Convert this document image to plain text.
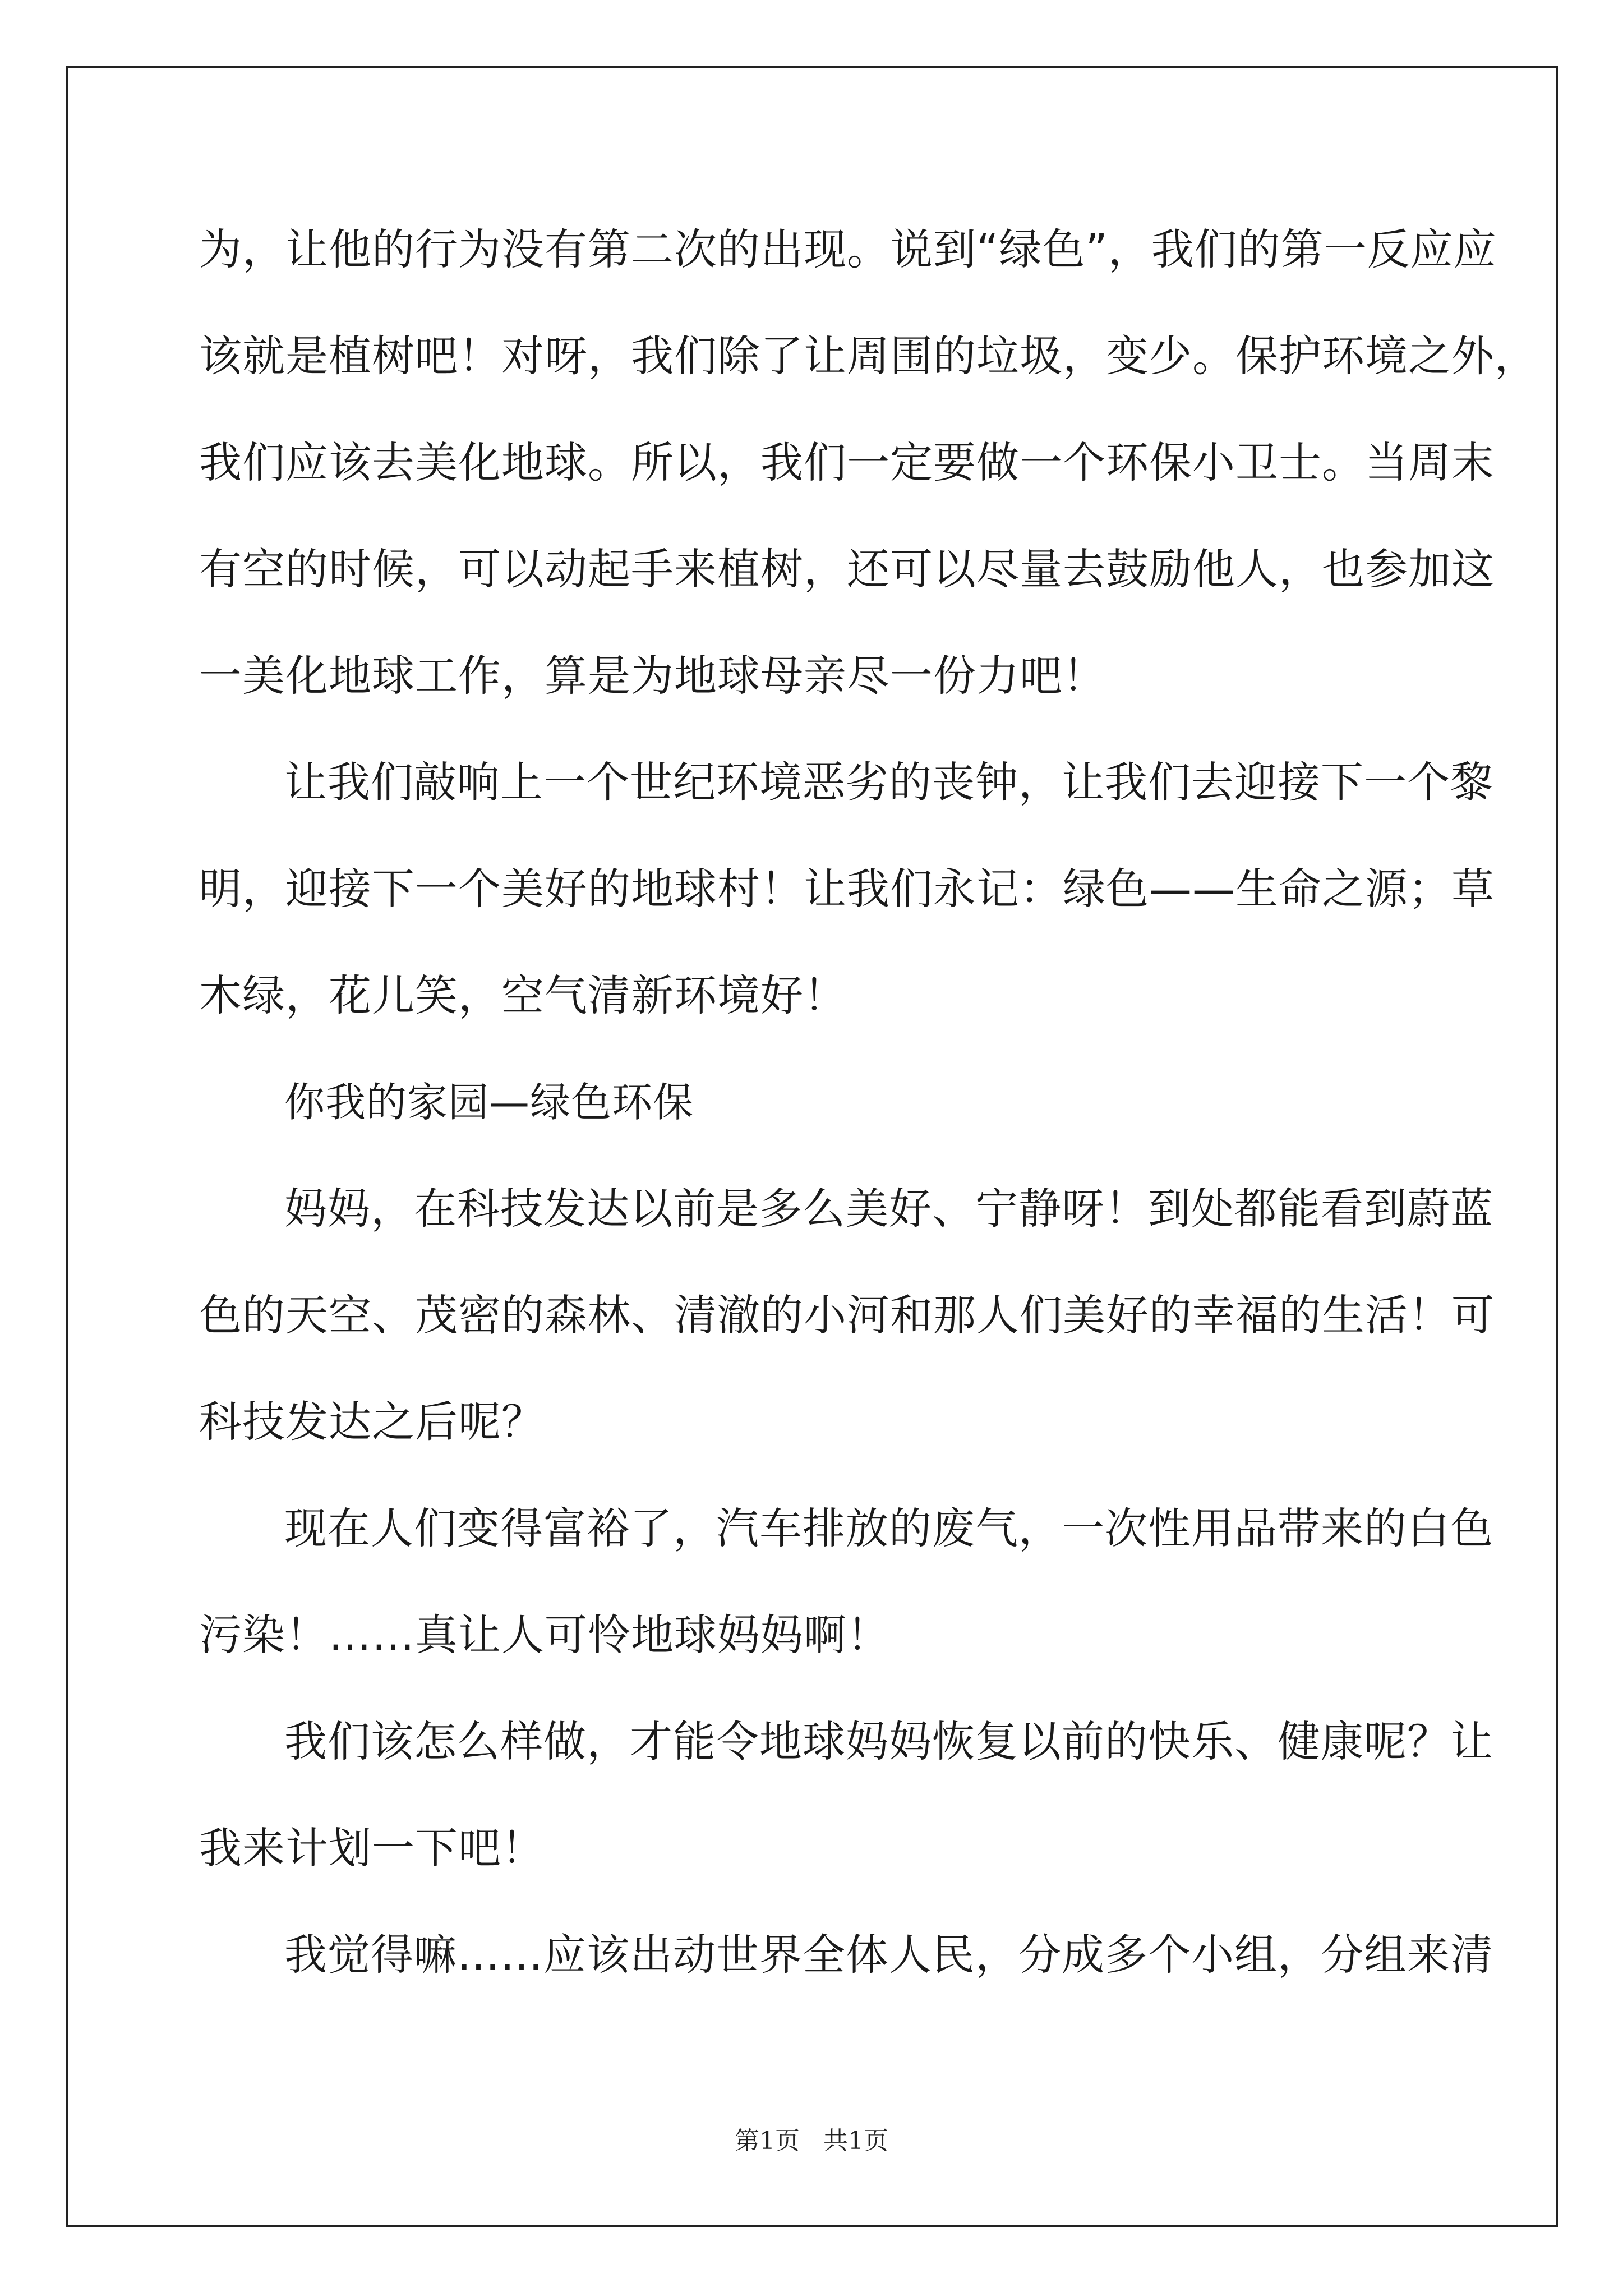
为，让他的行为没有第二次的出现。说到“绿色”，我们的第一反应应
该就是植树吧！对呀，我们除了让周围的垃圾，变少。保护环境之外，
我们应该去美化地球。所以，我们一定要做一个环保小卫士。当周末
有空的时候，可以动起手来植树，还可以尽量去鼓励他人，也参加这
一美化地球工作，算是为地球母亲尽一份力吧！
让我们敲响上一个世纪环境恶劣的丧钟，让我们去迎接下一个黎
明，迎接下一个美好的地球村！让我们永记：绿色——生命之源；草
木绿，花儿笑，空气清新环境好！
你我的家园—绿色环保
妈妈，在科技发达以前是多么美好、宁静呀！到处都能看到蔚蓝
色的天空、茂密的森林、清澈的小河和那人们美好的幸福的生活！可
科技发达之后呢？
现在人们变得富裕了，汽车排放的废气，一次性用品带来的白色
污染！……真让人可怜地球妈妈啊！
我们该怎么样做，才能令地球妈妈恢复以前的快乐、健康呢？让
我来计划一下吧！
我觉得嘛……应该出动世界全体人民，分成多个小组，分组来清
第1页 共1页
